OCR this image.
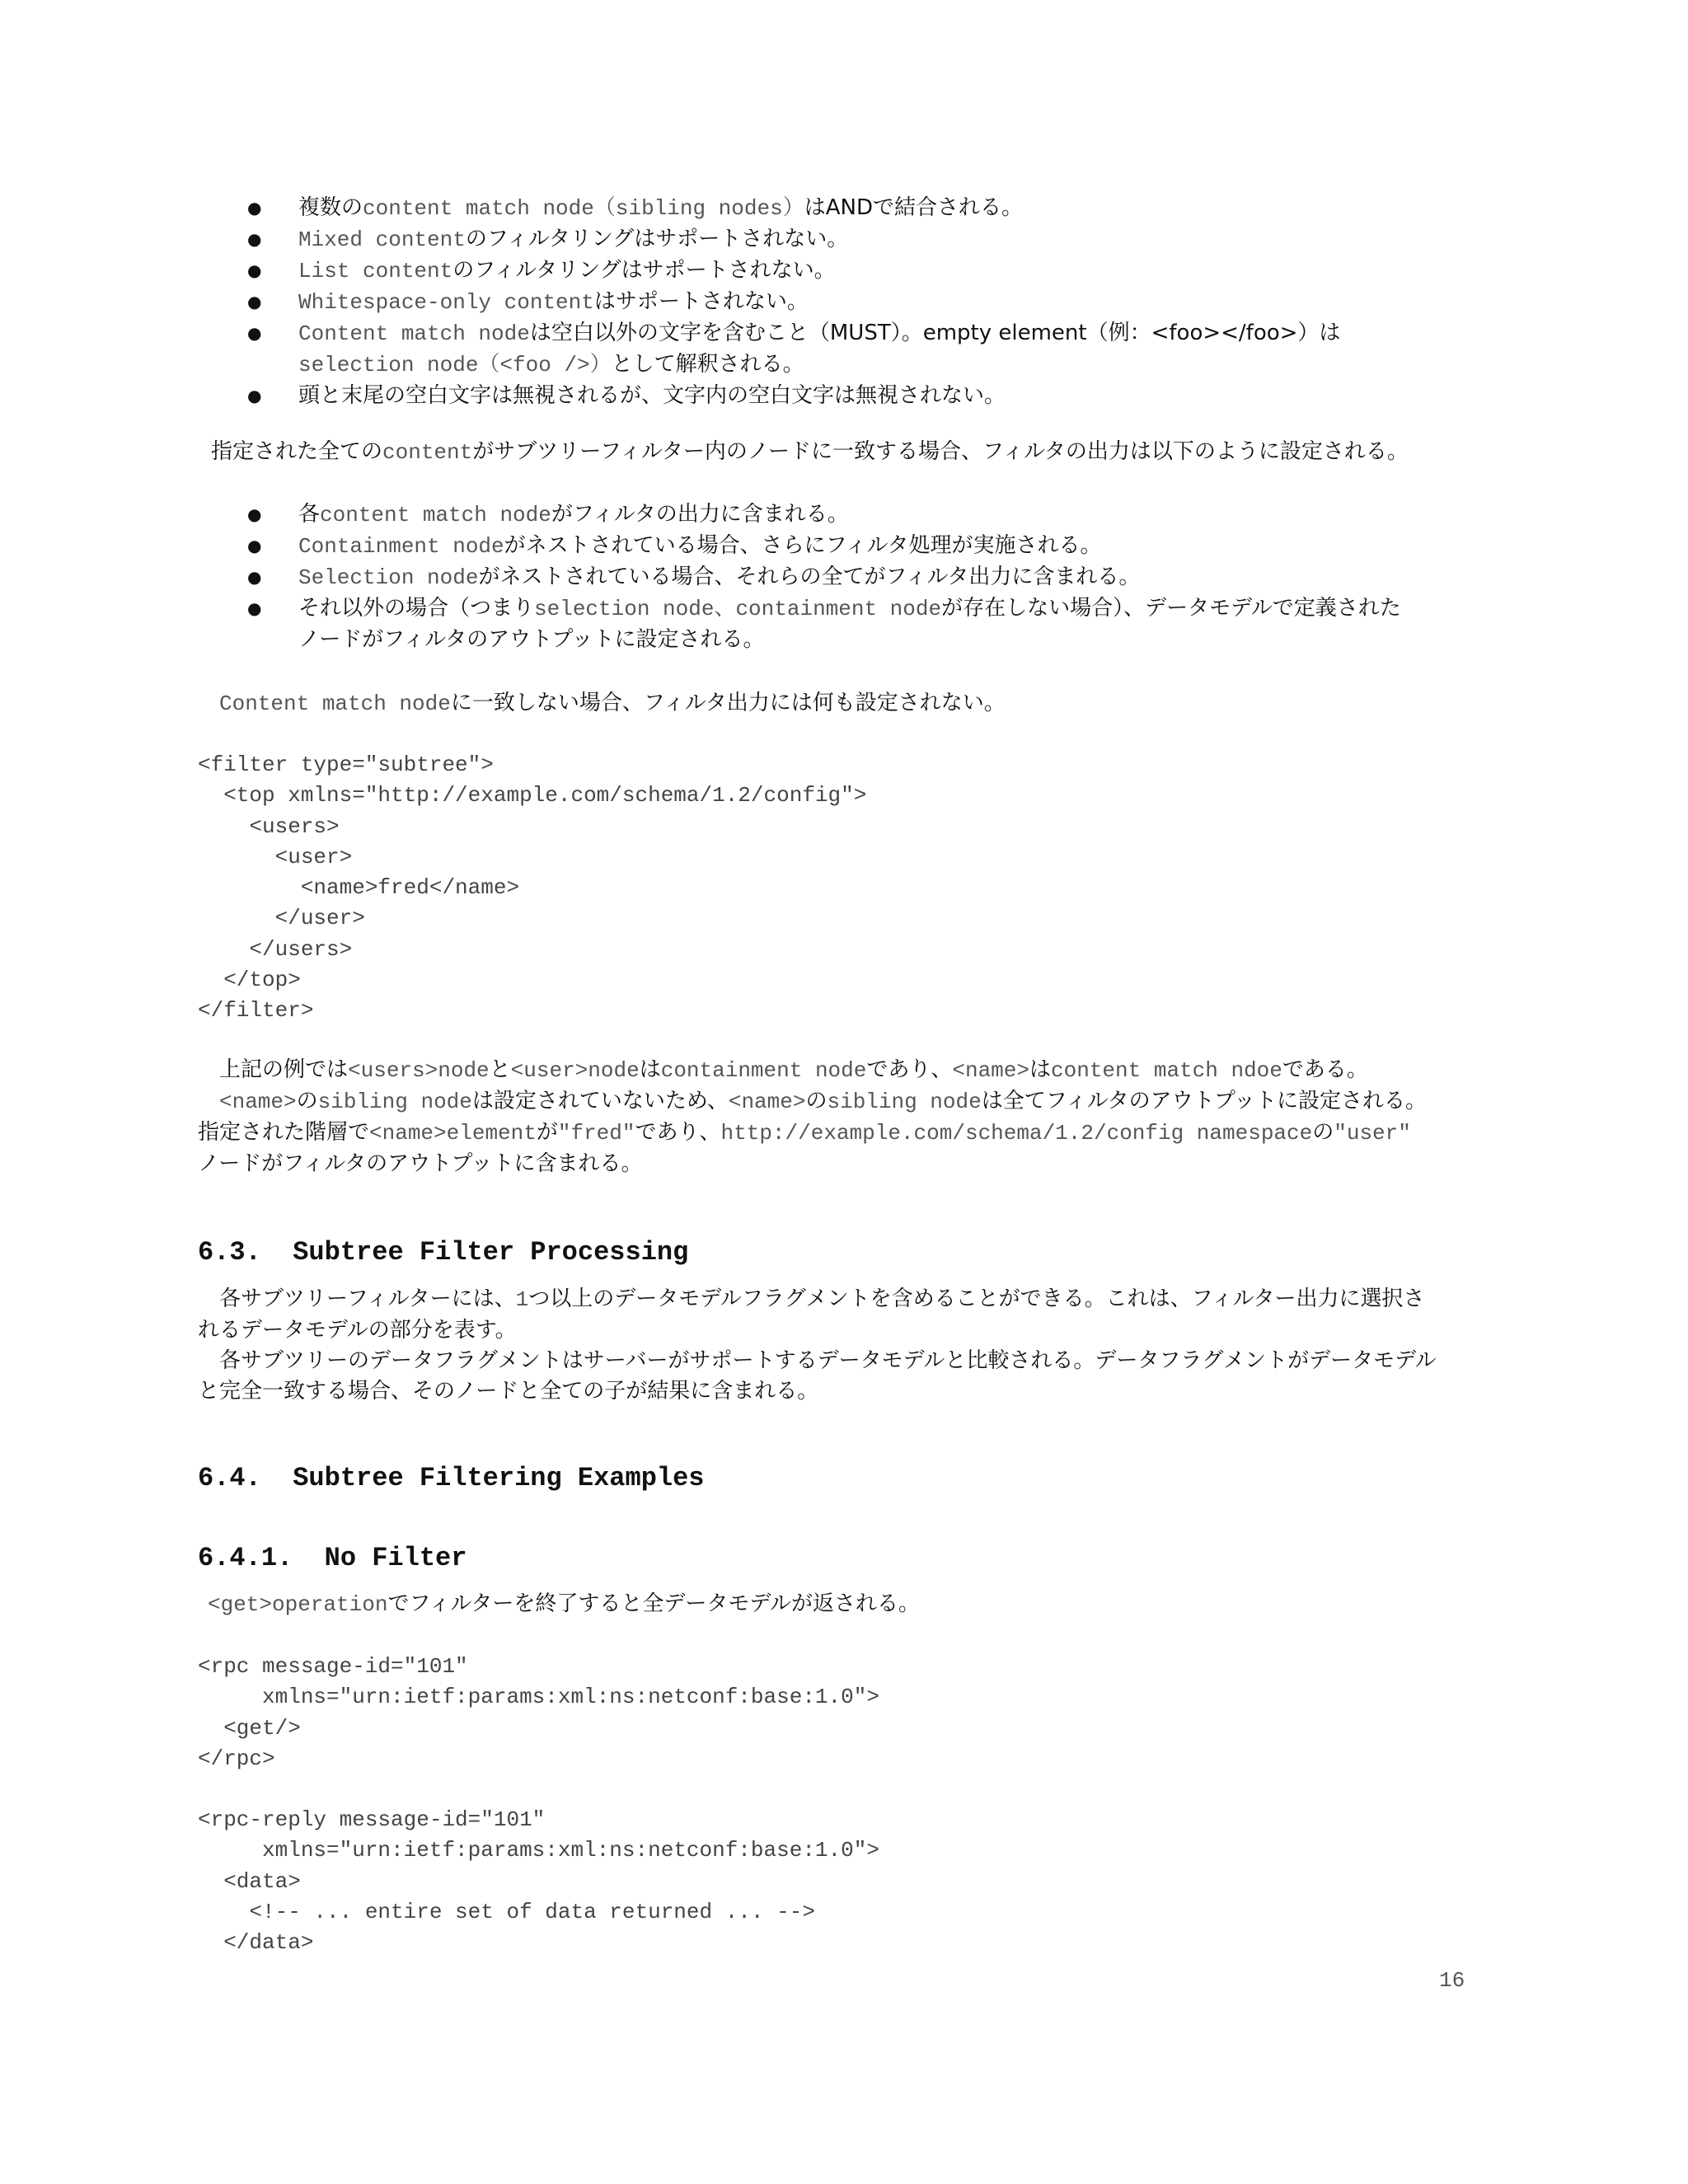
● 複数のcontent match node（sibling nodes）はANDで結合される。
● Mixed contentのフィルタリングはサポートされない。
● List contentのフィルタリングはサポートされない。
● Whitespace-only contentはサポートされない。
● Content match nodeは空白以外の文字を含むこと（MUST）。empty element（例：<foo></foo>）は
selection node（<foo />）として解釈される。
● 頭と末尾の空白文字は無視されるが、文字内の空白文字は無視されない。
指定された全てのcontentがサブツリーフィルター内のノードに一致する場合、フィルタの出力は以下のように設定される。
● 各content match nodeがフィルタの出力に含まれる。
● Containment nodeがネストされている場合、さらにフィルタ処理が実施される。
● Selection nodeがネストされている場合、それらの全てがフィルタ出力に含まれる。
● それ以外の場合（つまりselection node、containment nodeが存在しない場合）、データモデルで定義された
ノードがフィルタのアウトプットに設定される。
Content match nodeに一致しない場合、フィルタ出力には何も設定されない。
<filter type="subtree">
<top xmlns="http://example.com/schema/1.2/config">
<users>
<user>
<name>fred</name>
</user>
</users>
</top>
</filter>
上記の例では<users>nodeと<user>nodeはcontainment nodeであり、<name>はcontent match ndoeである。
<name>のsibling nodeは設定されていないため、<name>のsibling nodeは全てフィルタのアウトプットに設定される。
指定された階層で<name>elementが"fred"であり、http://example.com/schema/1.2/config namespaceの"user"
ノードがフィルタのアウトプットに含まれる。
6.3.  Subtree Filter Processing
各サブツリーフィルターには、1つ以上のデータモデルフラグメントを含めることができる。これは、フィルター出力に選択さ
れるデータモデルの部分を表す。
各サブツリーのデータフラグメントはサーバーがサポートするデータモデルと比較される。データフラグメントがデータモデル
と完全一致する場合、そのノードと全ての子が結果に含まれる。
6.4.  Subtree Filtering Examples
6.4.1.  No Filter
<get>operationでフィルターを終了すると全データモデルが返される。
<rpc message-id="101"
xmlns="urn:ietf:params:xml:ns:netconf:base:1.0">
<get/>
</rpc>
<rpc-reply message-id="101"
xmlns="urn:ietf:params:xml:ns:netconf:base:1.0">
<data>
<!-- ... entire set of data returned ... -->
</data>
16
